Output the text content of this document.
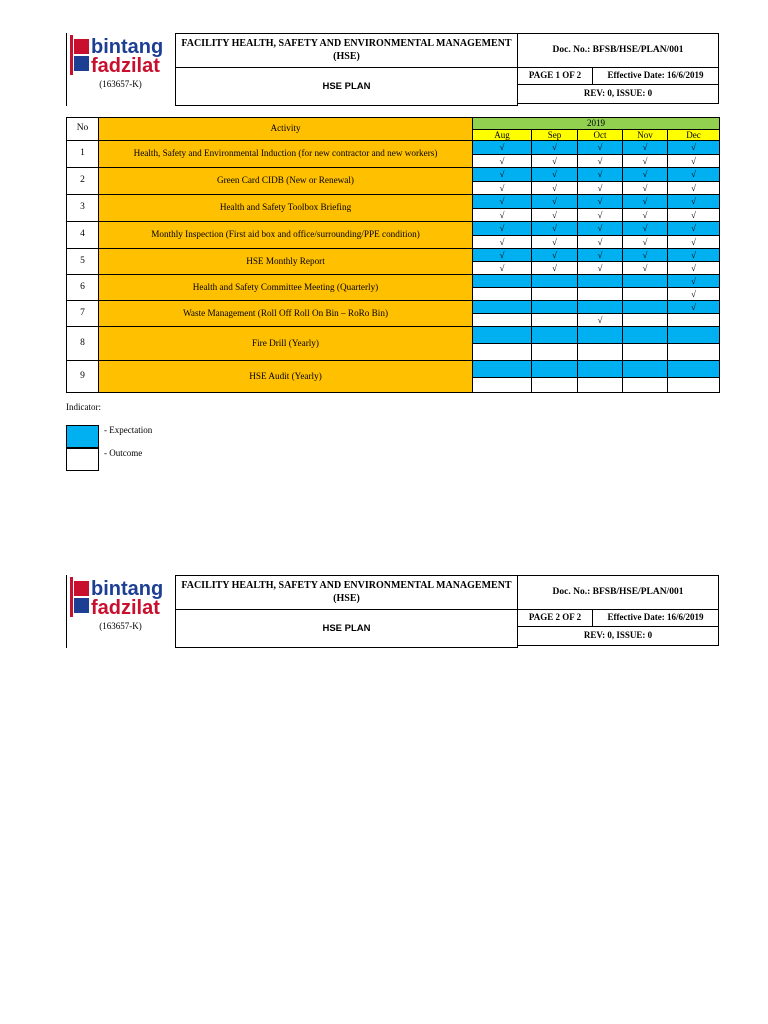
bintang
fadzilat
(163657-K)
FACILITY HEALTH, SAFETY AND ENVIRONMENTAL MANAGEMENT (HSE)
HSE PLAN
Doc. No.: BFSB/HSE/PLAN/001
PAGE 1 OF 2	Effective Date: 16/6/2019
REV: 0, ISSUE: 0
No	Activity	2019				
		Aug	Sep	Oct	Nov	Dec
1	Health, Safety and Environmental Induction (for new contractor and new workers)	√	√	√	√	√
		√	√	√	√	√
2	Green Card CIDB (New or Renewal)	√	√	√	√	√
		√	√	√	√	√
3	Health and Safety Toolbox Briefing	√	√	√	√	√
		√	√	√	√	√
4	Monthly Inspection (First aid box and office/surrounding/PPE condition)	√	√	√	√	√
		√	√	√	√	√
5	HSE Monthly Report	√	√	√	√	√
		√	√	√	√	√
6	Health and Safety Committee Meeting (Quarterly)					√
						√
7	Waste Management (Roll Off Roll On Bin – RoRo Bin)					√
				√		
8	Fire Drill (Yearly)					

9	HSE Audit (Yearly)					

Indicator:
- Expectation
- Outcome
bintang
fadzilat
(163657-K)
FACILITY HEALTH, SAFETY AND ENVIRONMENTAL MANAGEMENT (HSE)
HSE PLAN
Doc. No.: BFSB/HSE/PLAN/001
PAGE 2 OF 2	Effective Date: 16/6/2019
REV: 0, ISSUE: 0
